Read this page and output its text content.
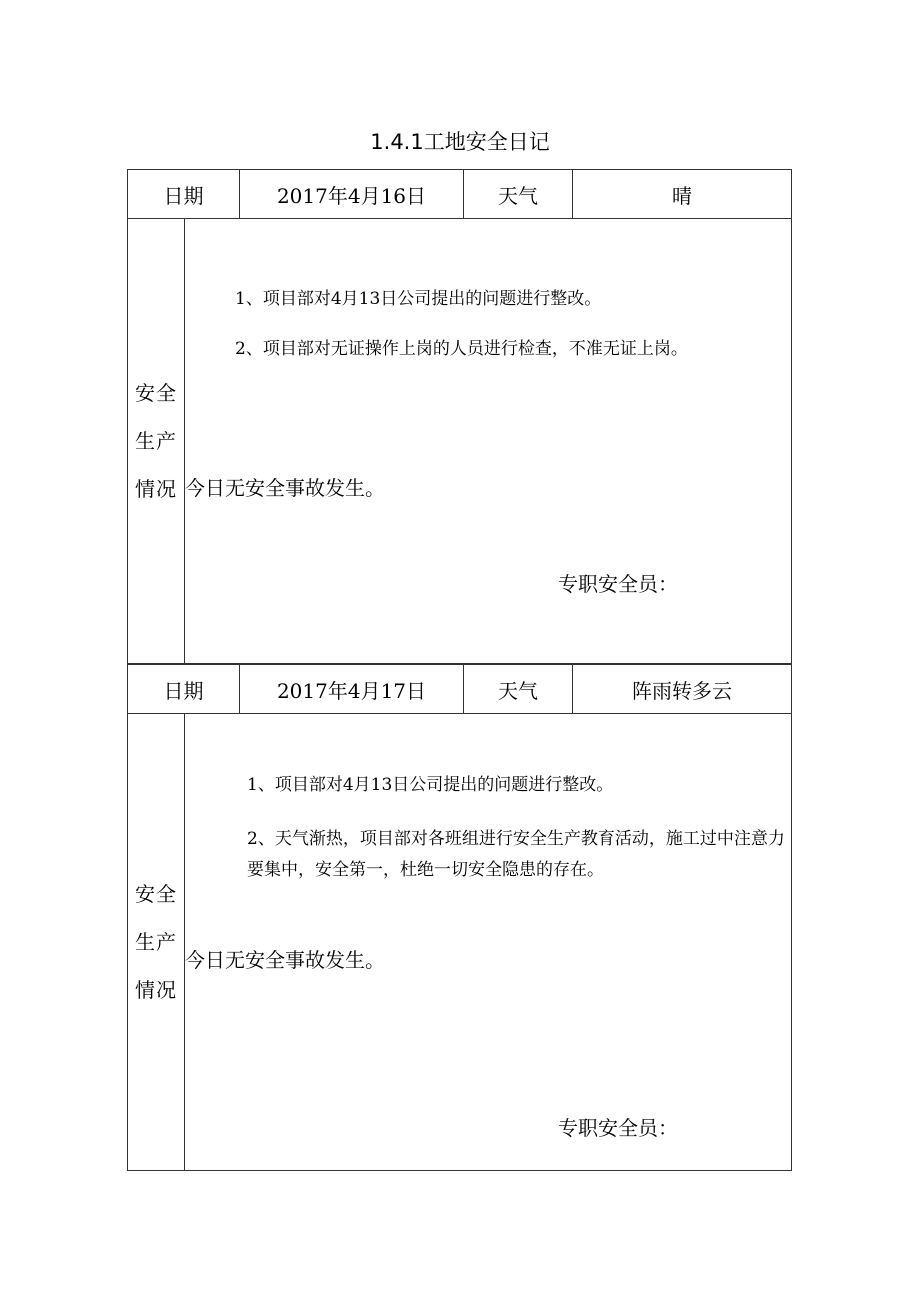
1.4.1工地安全日记
日期	2017年4月16日	天气	晴
安全生产情况
1、项目部对4月13日公司提出的问题进行整改。
2、项目部对无证操作上岗的人员进行检查，不准无证上岗。
今日无安全事故发生。
专职安全员：
日期	2017年4月17日	天气	阵雨转多云
安全生产情况
1、项目部对4月13日公司提出的问题进行整改。
2、天气渐热，项目部对各班组进行安全生产教育活动，施工过中注意力要集中，安全第一，杜绝一切安全隐患的存在。
今日无安全事故发生。
专职安全员：
